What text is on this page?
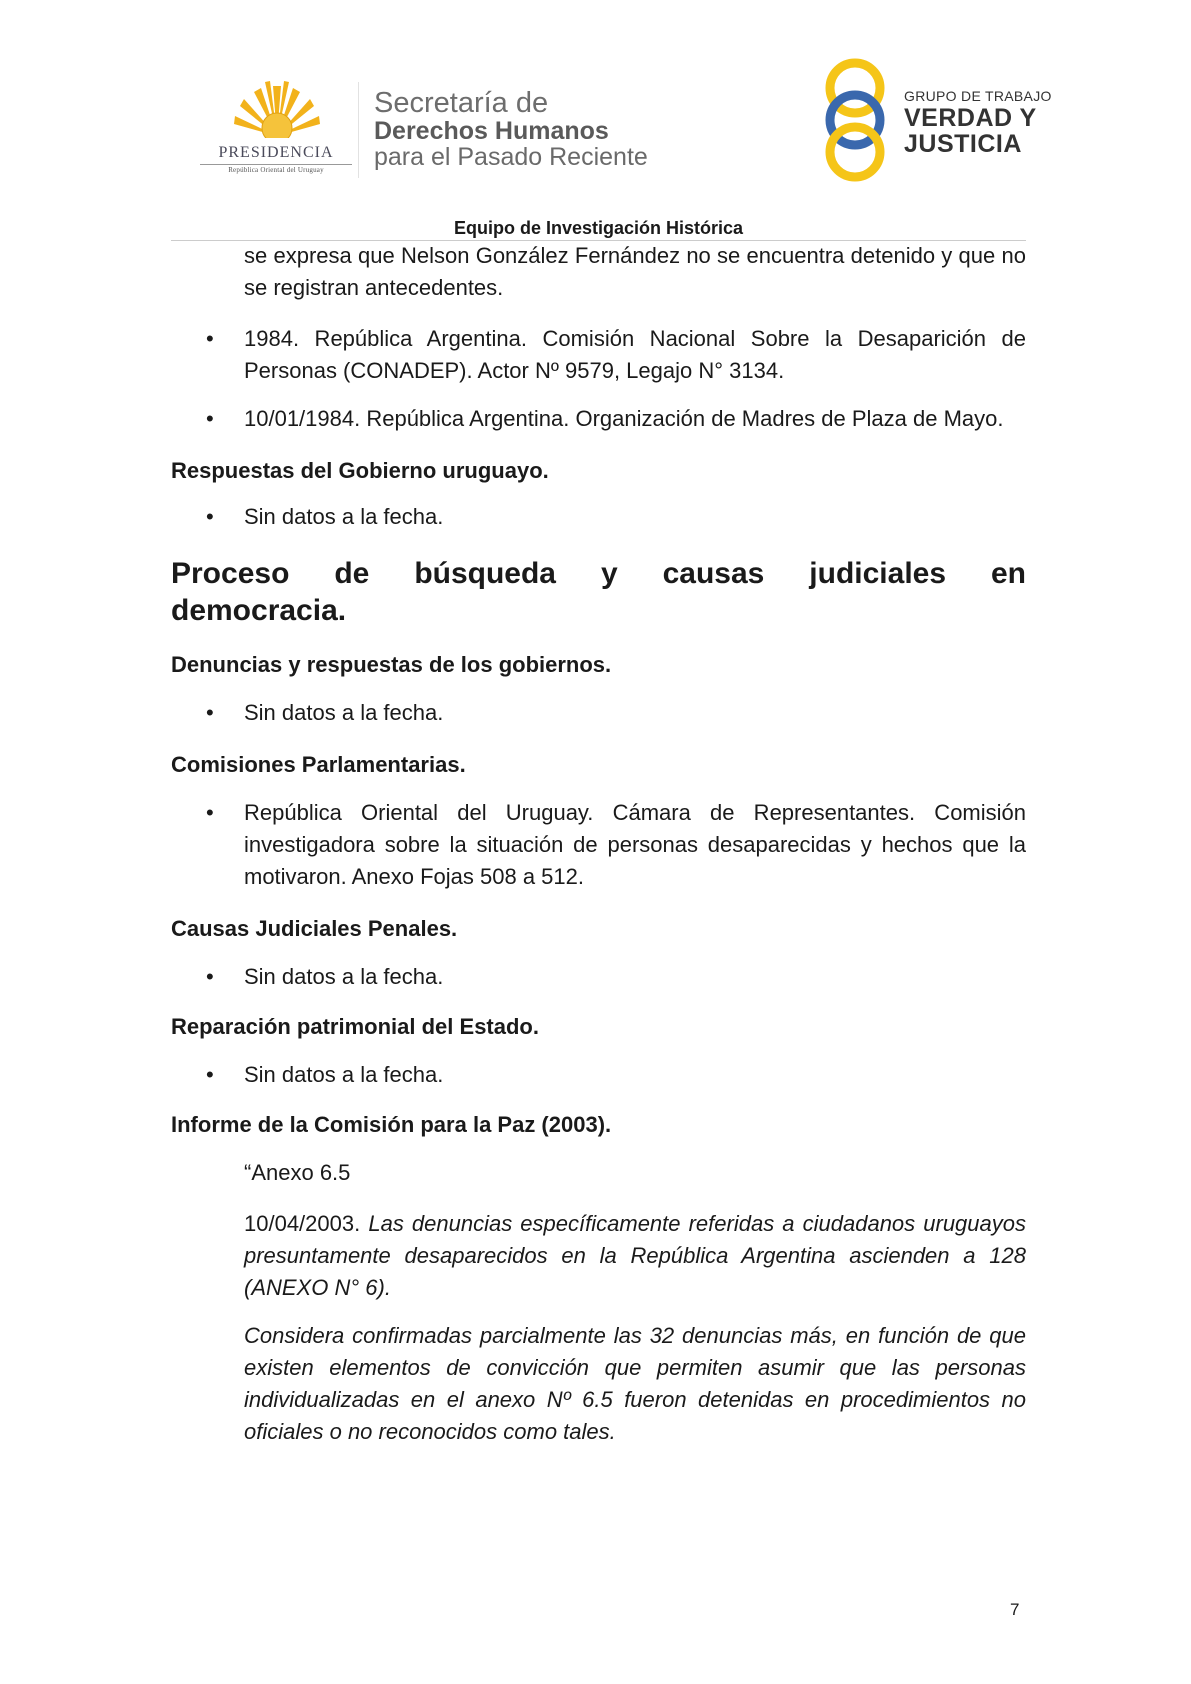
PRESIDENCIA
República Oriental del Uruguay
Secretaría de
Derechos Humanos
para el Pasado Reciente
GRUPO DE TRABAJO
VERDAD Y
JUSTICIA
Equipo de Investigación Histórica

se expresa que Nelson González Fernández no se encuentra detenido y que no se registran antecedentes.

• 1984. República Argentina. Comisión Nacional Sobre la Desaparición de Personas (CONADEP). Actor Nº 9579, Legajo N° 3134.
• 10/01/1984. República Argentina. Organización de Madres de Plaza de Mayo.

Respuestas del Gobierno uruguayo.

• Sin datos a la fecha.
Proceso de búsqueda y causas judiciales en
democracia.

Denuncias y respuestas de los gobiernos.

• Sin datos a la fecha.

Comisiones Parlamentarias.

• República Oriental del Uruguay. Cámara de Representantes. Comisión investigadora sobre la situación de personas desaparecidas y hechos que la motivaron. Anexo Fojas 508 a 512.

Causas Judiciales Penales.

• Sin datos a la fecha.

Reparación patrimonial del Estado.

• Sin datos a la fecha.

Informe de la Comisión para la Paz (2003).

“Anexo 6.5

10/04/2003. Las denuncias específicamente referidas a ciudadanos uruguayos presuntamente desaparecidos en la República Argentina ascienden a 128 (ANEXO N° 6).

Considera confirmadas parcialmente las 32 denuncias más, en función de que existen elementos de convicción que permiten asumir que las personas individualizadas en el anexo Nº 6.5 fueron detenidas en procedimientos no oficiales o no reconocidos como tales.

7
